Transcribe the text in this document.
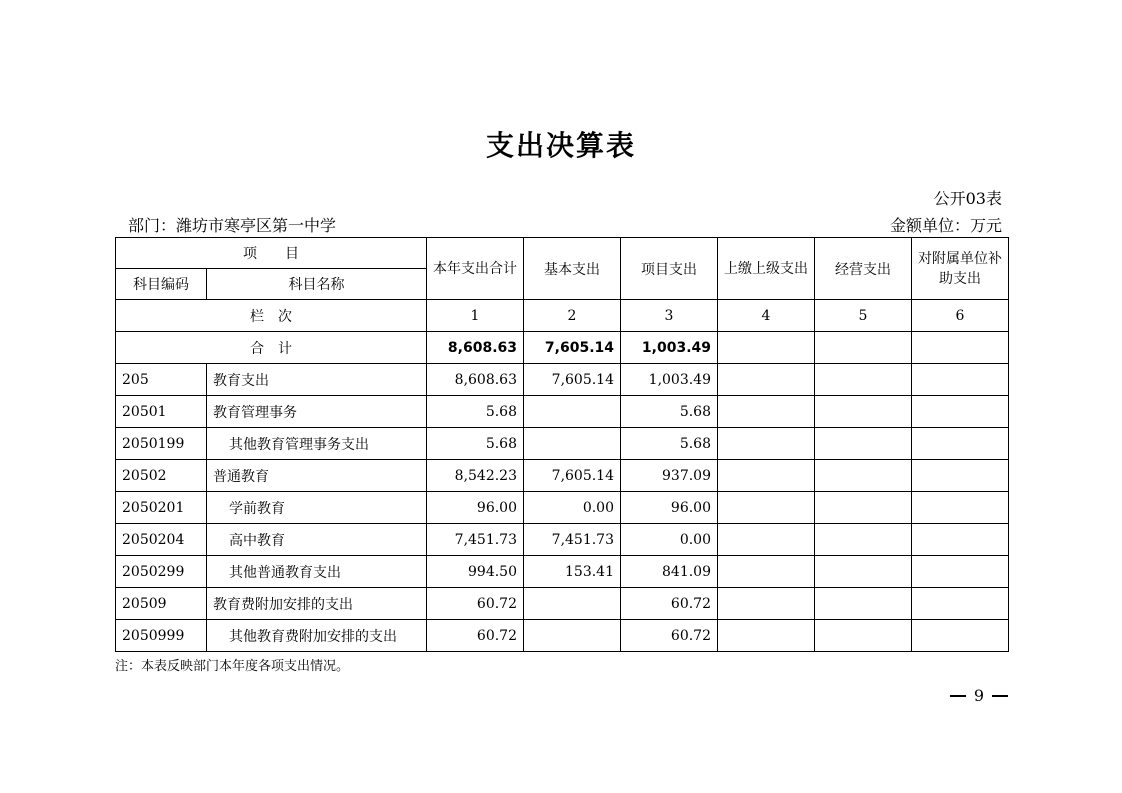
支出决算表
公开03表
部门：潍坊市寒亭区第一中学	金额单位：万元
项　　目		本年支出合计	基本支出	项目支出	上缴上级支出	经营支出	对附属单位补助支出
科目编码	科目名称						
栏　次		1	2	3	4	5	6
合　计		8,608.63	7,605.14	1,003.49			
205	教育支出	8,608.63	7,605.14	1,003.49			
20501	教育管理事务	5.68		5.68			
2050199	其他教育管理事务支出	5.68		5.68			
20502	普通教育	8,542.23	7,605.14	937.09			
2050201	学前教育	96.00	0.00	96.00			
2050204	高中教育	7,451.73	7,451.73	0.00			
2050299	其他普通教育支出	994.50	153.41	841.09			
20509	教育费附加安排的支出	60.72		60.72			
2050999	其他教育费附加安排的支出	60.72		60.72			
注：本表反映部门本年度各项支出情况。
9
